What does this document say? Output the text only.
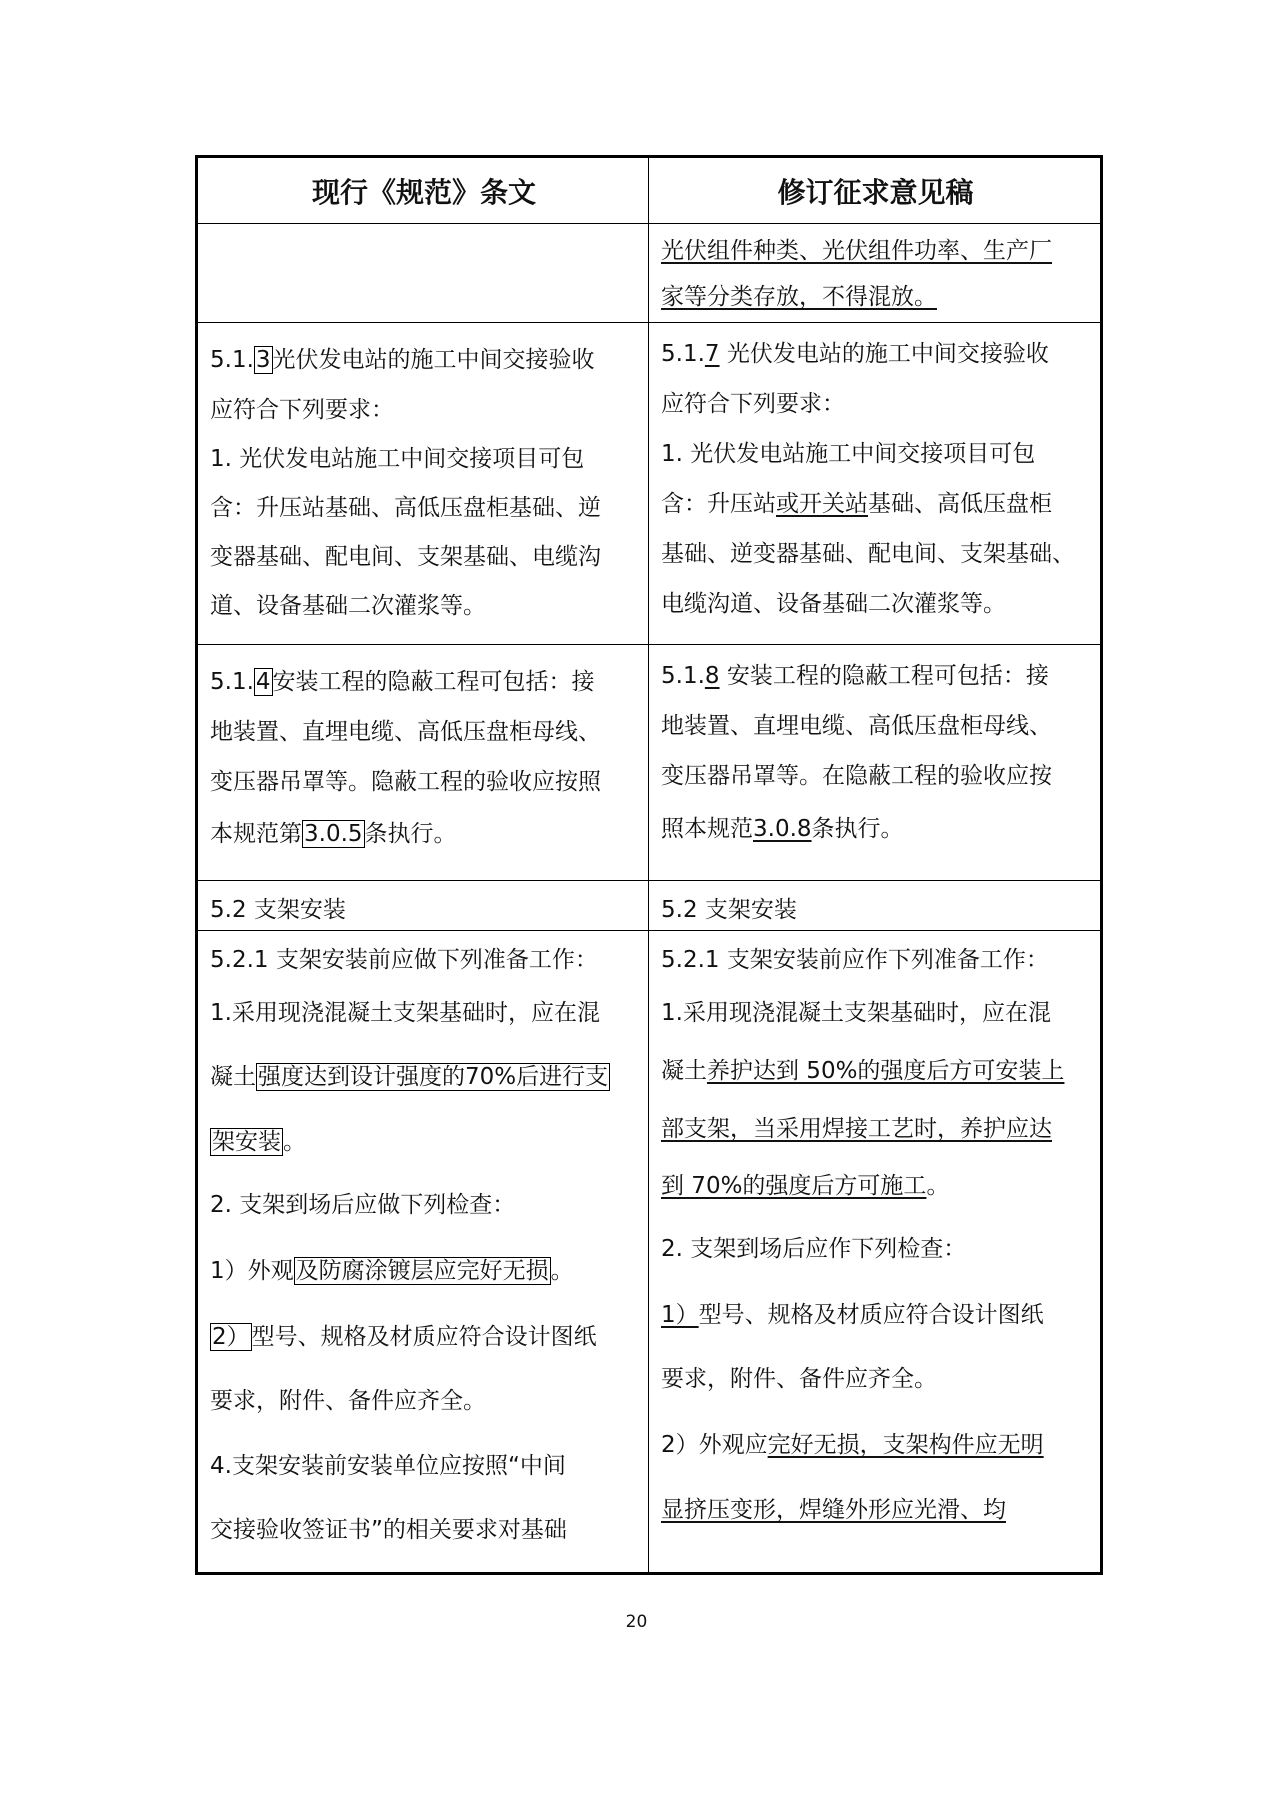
现行《规范》条文	修订征求意见稿

光伏组件种类、光伏组件功率、生产厂

家等分类存放，不得混放。

5.1.3光伏发电站的施工中间交接验收

应符合下列要求：

1. 光伏发电站施工中间交接项目可包

含：升压站基础、高低压盘柜基础、逆

变器基础、配电间、支架基础、电缆沟

道、设备基础二次灌浆等。

5.1.7 光伏发电站的施工中间交接验收

应符合下列要求：

1. 光伏发电站施工中间交接项目可包

含：升压站或开关站基础、高低压盘柜

基础、逆变器基础、配电间、支架基础、

电缆沟道、设备基础二次灌浆等。

5.1.4安装工程的隐蔽工程可包括：接

地装置、直埋电缆、高低压盘柜母线、

变压器吊罩等。隐蔽工程的验收应按照

本规范第3.0.5条执行。

5.1.8 安装工程的隐蔽工程可包括：接

地装置、直埋电缆、高低压盘柜母线、

变压器吊罩等。在隐蔽工程的验收应按

照本规范3.0.8条执行。

5.2 支架安装	5.2 支架安装

5.2.1 支架安装前应做下列准备工作：

1.采用现浇混凝土支架基础时，应在混

凝土强度达到设计强度的70%后进行支

架安装。

2. 支架到场后应做下列检查：

1）外观及防腐涂镀层应完好无损。

2）型号、规格及材质应符合设计图纸

要求，附件、备件应齐全。

4.支架安装前安装单位应按照“中间

交接验收签证书”的相关要求对基础

5.2.1 支架安装前应作下列准备工作：

1.采用现浇混凝土支架基础时，应在混

凝土养护达到 50%的强度后方可安装上

部支架，当采用焊接工艺时，养护应达

到 70%的强度后方可施工。

2. 支架到场后应作下列检查：

1）型号、规格及材质应符合设计图纸

要求，附件、备件应齐全。

2）外观应完好无损，支架构件应无明

显挤压变形，焊缝外形应光滑、均

20
